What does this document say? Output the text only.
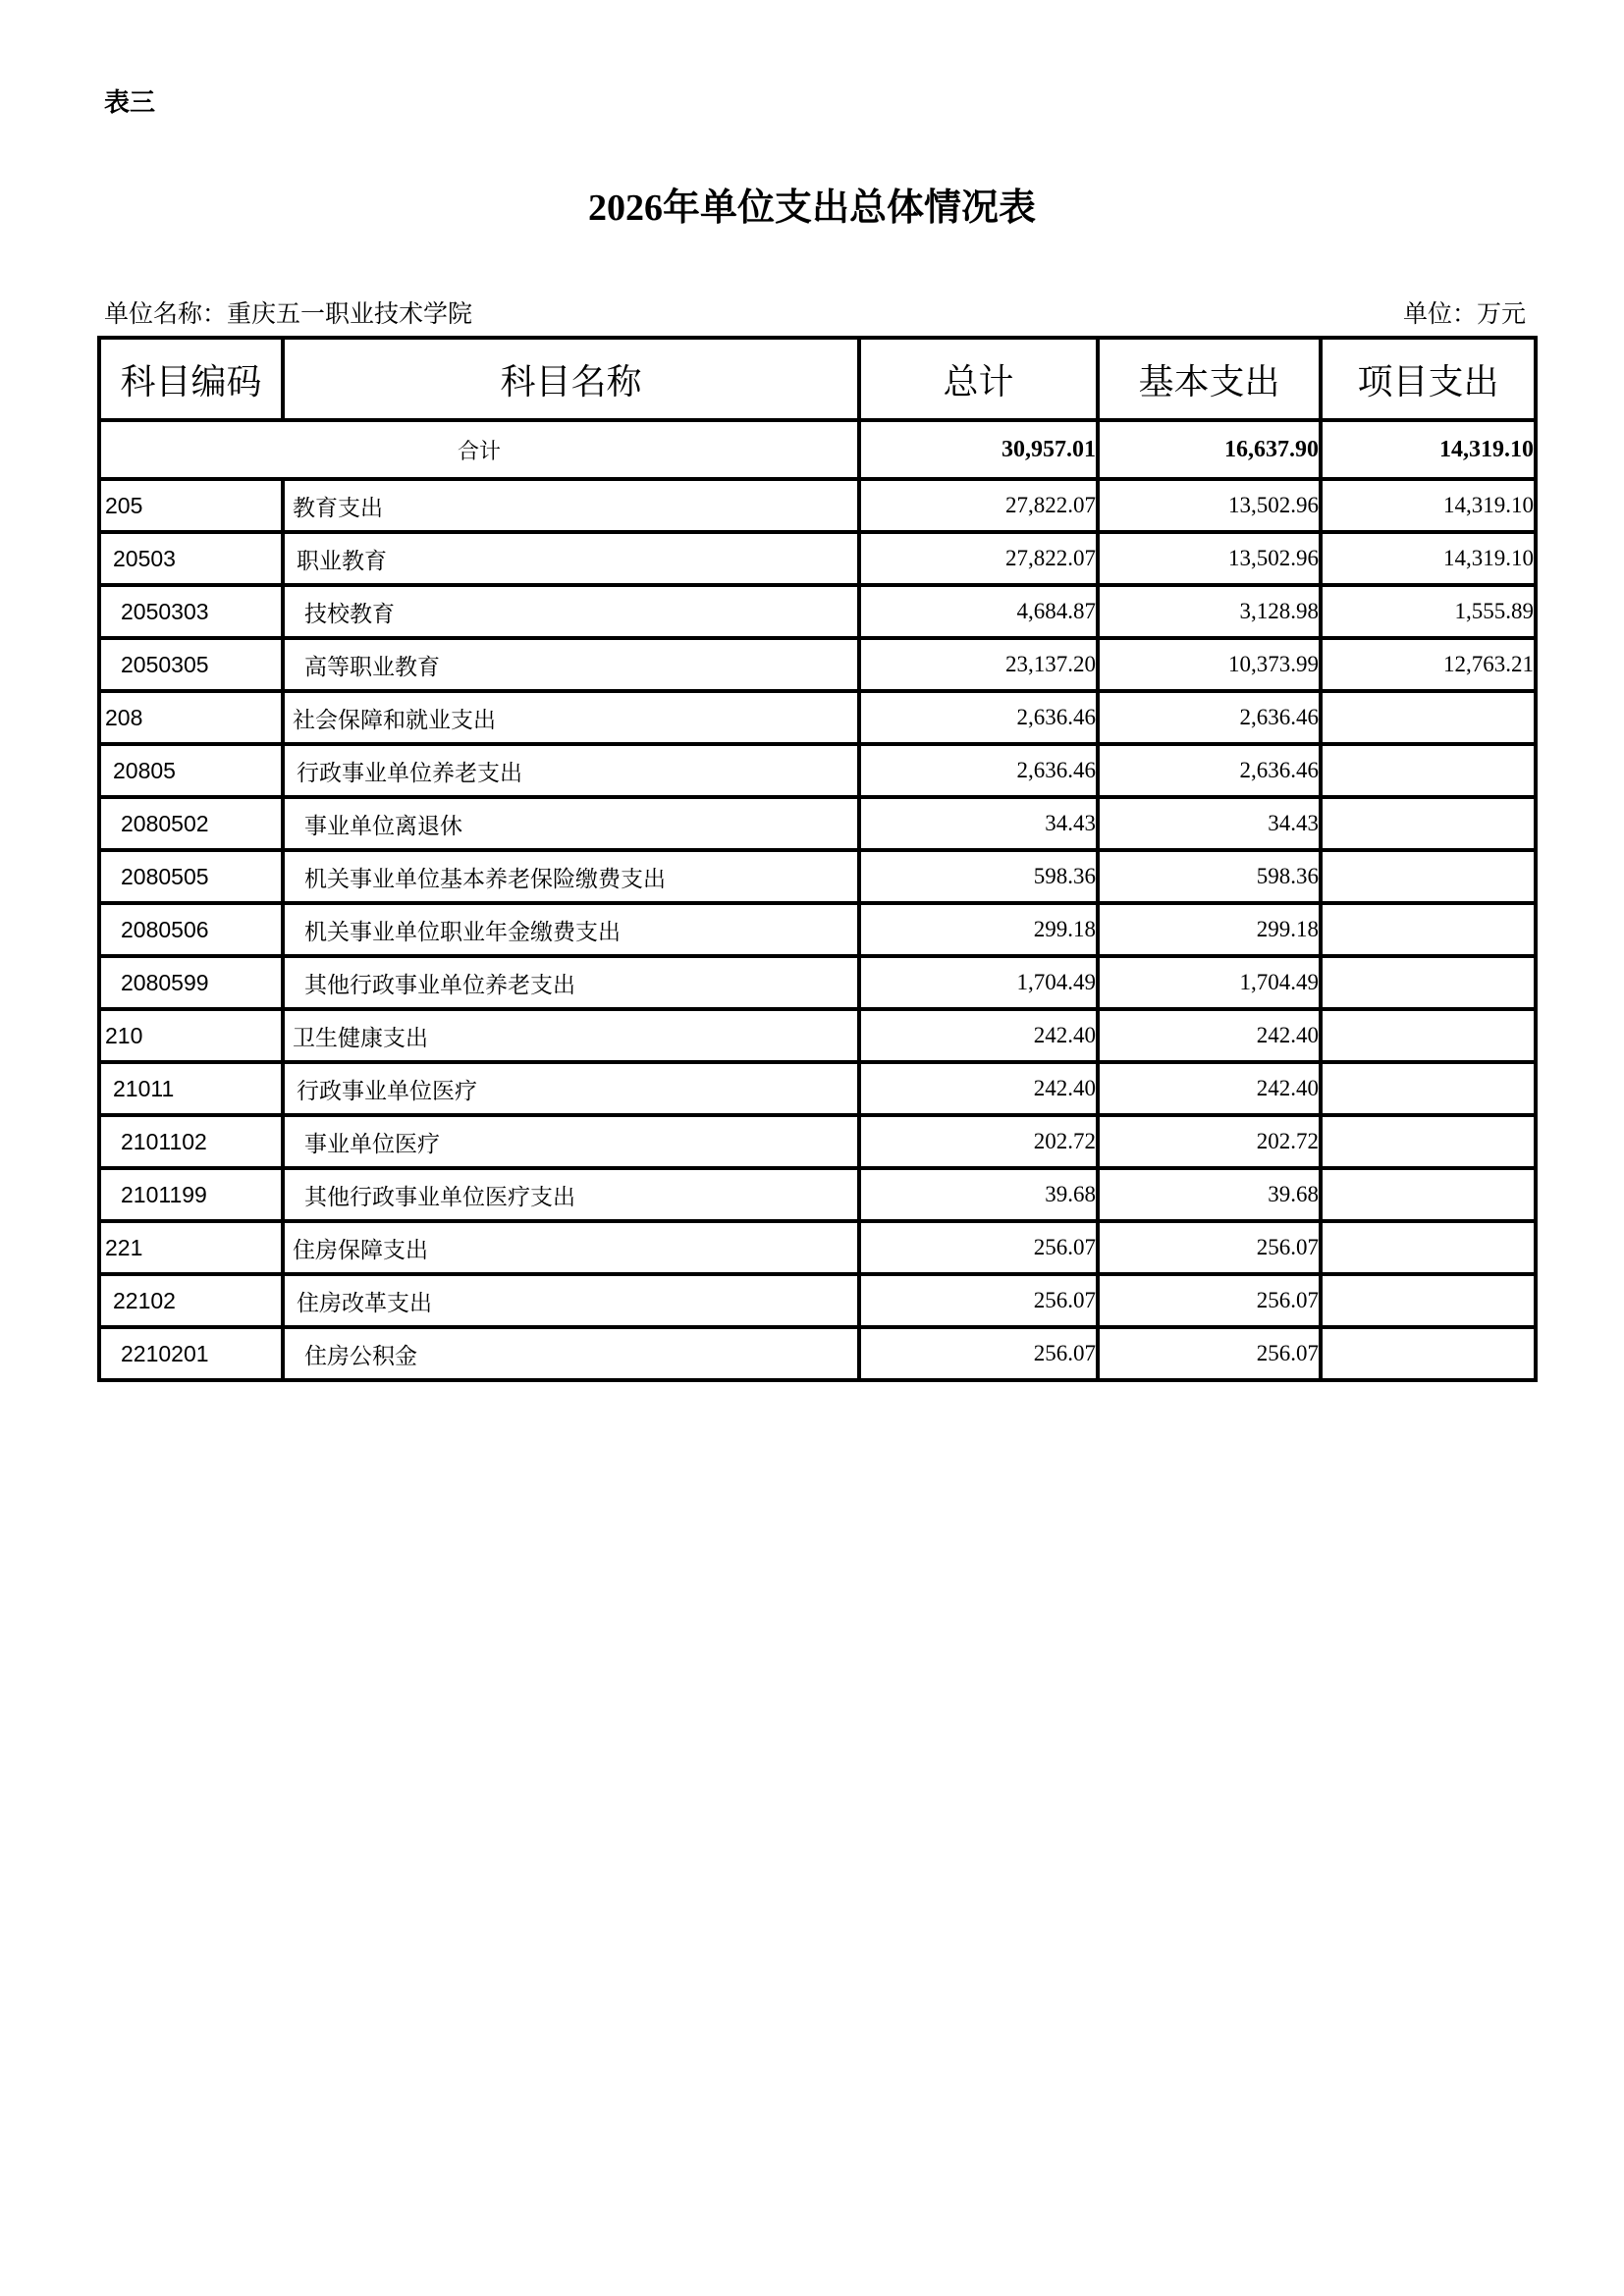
表三
2026年单位支出总体情况表
单位名称：重庆五一职业技术学院	单位：万元
科目编码	科目名称	总计	基本支出	项目支出
合计		30,957.01	16,637.90	14,319.10
205	教育支出	27,822.07	13,502.96	14,319.10
20503	职业教育	27,822.07	13,502.96	14,319.10
2050303	技校教育	4,684.87	3,128.98	1,555.89
2050305	高等职业教育	23,137.20	10,373.99	12,763.21
208	社会保障和就业支出	2,636.46	2,636.46	
20805	行政事业单位养老支出	2,636.46	2,636.46	
2080502	事业单位离退休	34.43	34.43	
2080505	机关事业单位基本养老保险缴费支出	598.36	598.36	
2080506	机关事业单位职业年金缴费支出	299.18	299.18	
2080599	其他行政事业单位养老支出	1,704.49	1,704.49	
210	卫生健康支出	242.40	242.40	
21011	行政事业单位医疗	242.40	242.40	
2101102	事业单位医疗	202.72	202.72	
2101199	其他行政事业单位医疗支出	39.68	39.68	
221	住房保障支出	256.07	256.07	
22102	住房改革支出	256.07	256.07	
2210201	住房公积金	256.07	256.07	
